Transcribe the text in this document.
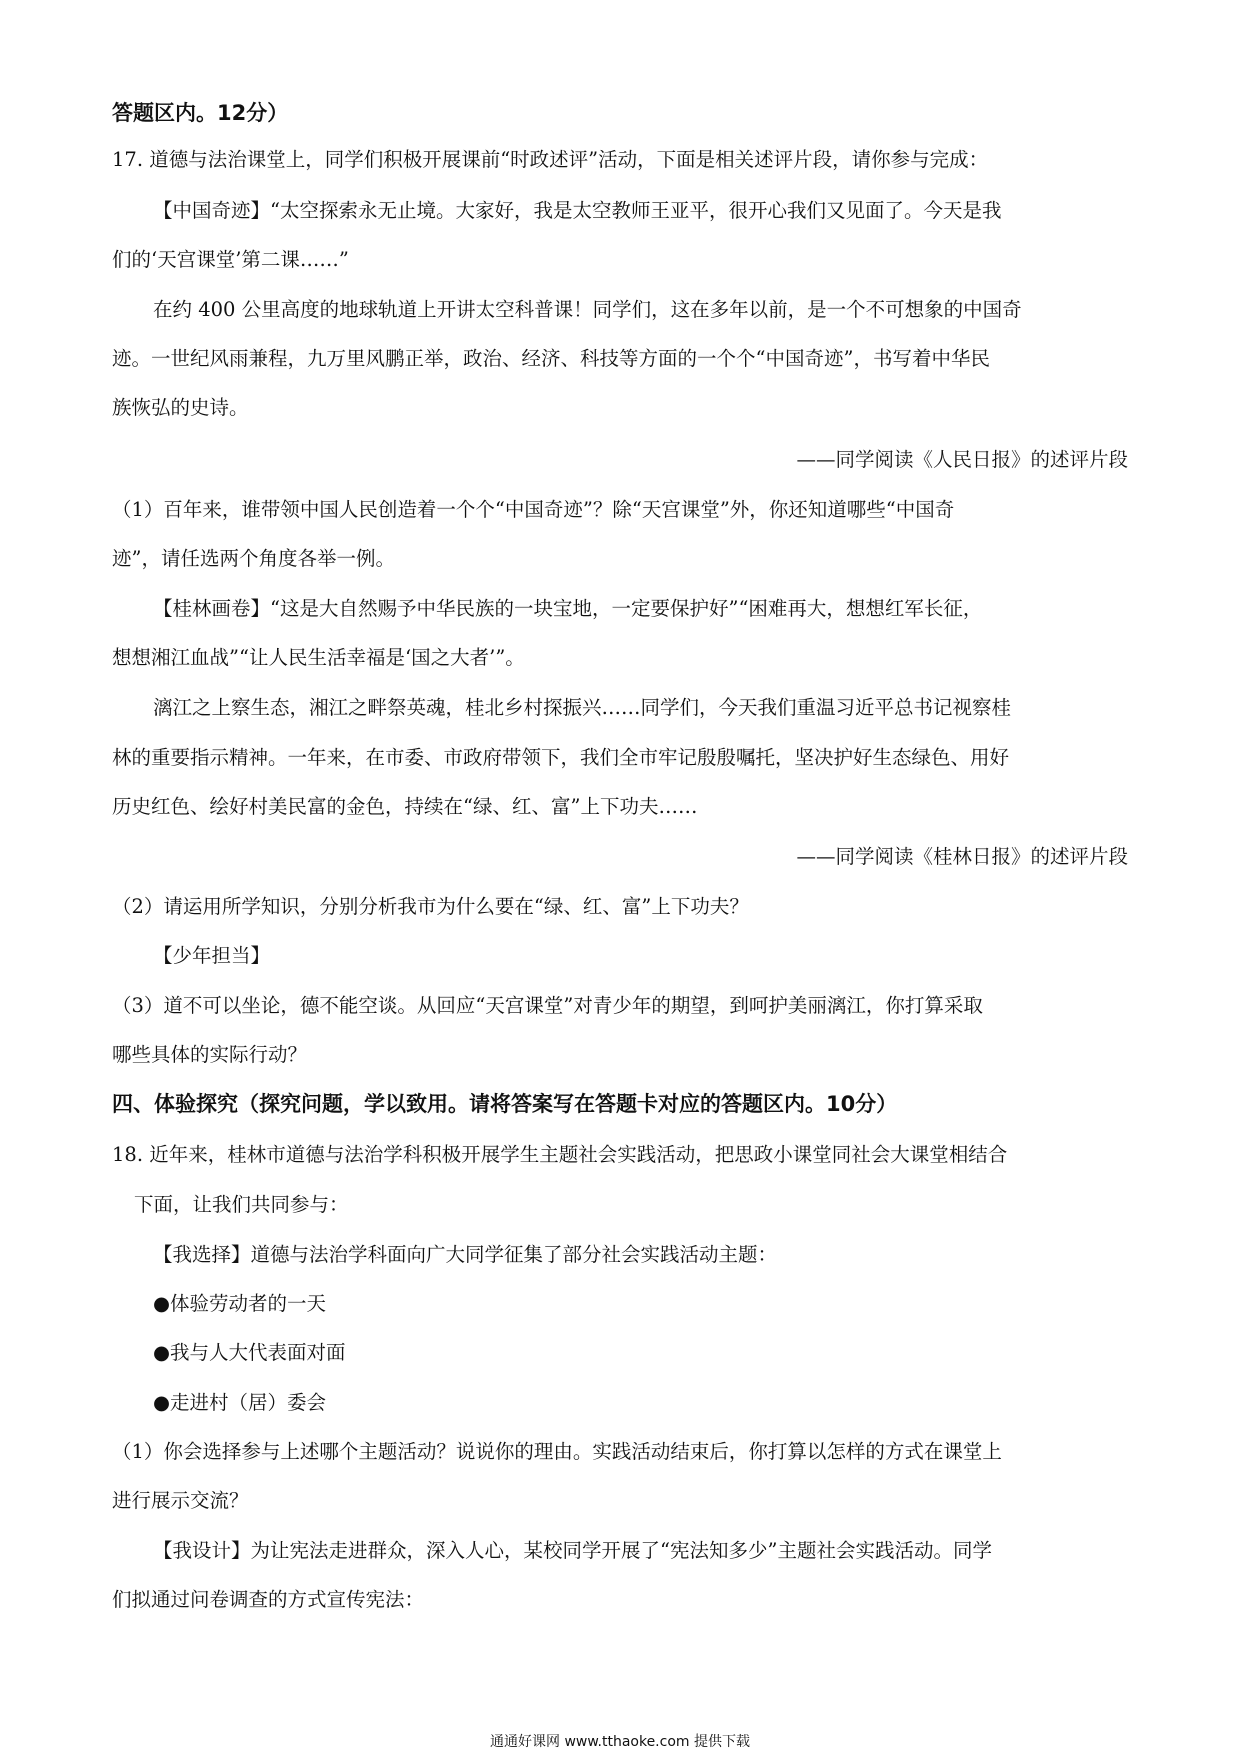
答题区内。12分）
17. 道德与法治课堂上，同学们积极开展课前“时政述评”活动，下面是相关述评片段，请你参与完成：
【中国奇迹】“太空探索永无止境。大家好，我是太空教师王亚平，很开心我们又见面了。今天是我
们的‘天宫课堂’第二课……”
在约 400 公里高度的地球轨道上开讲太空科普课！同学们，这在多年以前，是一个不可想象的中国奇
迹。一世纪风雨兼程，九万里风鹏正举，政治、经济、科技等方面的一个个“中国奇迹”，书写着中华民
族恢弘的史诗。
——同学阅读《人民日报》的述评片段
（1）百年来，谁带领中国人民创造着一个个“中国奇迹”？除“天宫课堂”外，你还知道哪些“中国奇
迹”，请任选两个角度各举一例。
【桂林画卷】“这是大自然赐予中华民族的一块宝地，一定要保护好”“困难再大，想想红军长征，
想想湘江血战”“让人民生活幸福是‘国之大者’”。
漓江之上察生态，湘江之畔祭英魂，桂北乡村探振兴……同学们，今天我们重温习近平总书记视察桂
林的重要指示精神。一年来，在市委、市政府带领下，我们全市牢记殷殷嘱托，坚决护好生态绿色、用好
历史红色、绘好村美民富的金色，持续在“绿、红、富”上下功夫……
——同学阅读《桂林日报》的述评片段
（2）请运用所学知识，分别分析我市为什么要在“绿、红、富”上下功夫？
【少年担当】
（3）道不可以坐论，德不能空谈。从回应“天宫课堂”对青少年的期望，到呵护美丽漓江，你打算采取
哪些具体的实际行动？
四、体验探究（探究问题，学以致用。请将答案写在答题卡对应的答题区内。10分）
18. 近年来，桂林市道德与法治学科积极开展学生主题社会实践活动，把思政小课堂同社会大课堂相结合
下面，让我们共同参与：
【我选择】道德与法治学科面向广大同学征集了部分社会实践活动主题：
●体验劳动者的一天
●我与人大代表面对面
●走进村（居）委会
（1）你会选择参与上述哪个主题活动？说说你的理由。实践活动结束后，你打算以怎样的方式在课堂上
进行展示交流？
【我设计】为让宪法走进群众，深入人心，某校同学开展了“宪法知多少”主题社会实践活动。同学
们拟通过问卷调查的方式宣传宪法：
通通好课网 www.tthaoke.com 提供下载
